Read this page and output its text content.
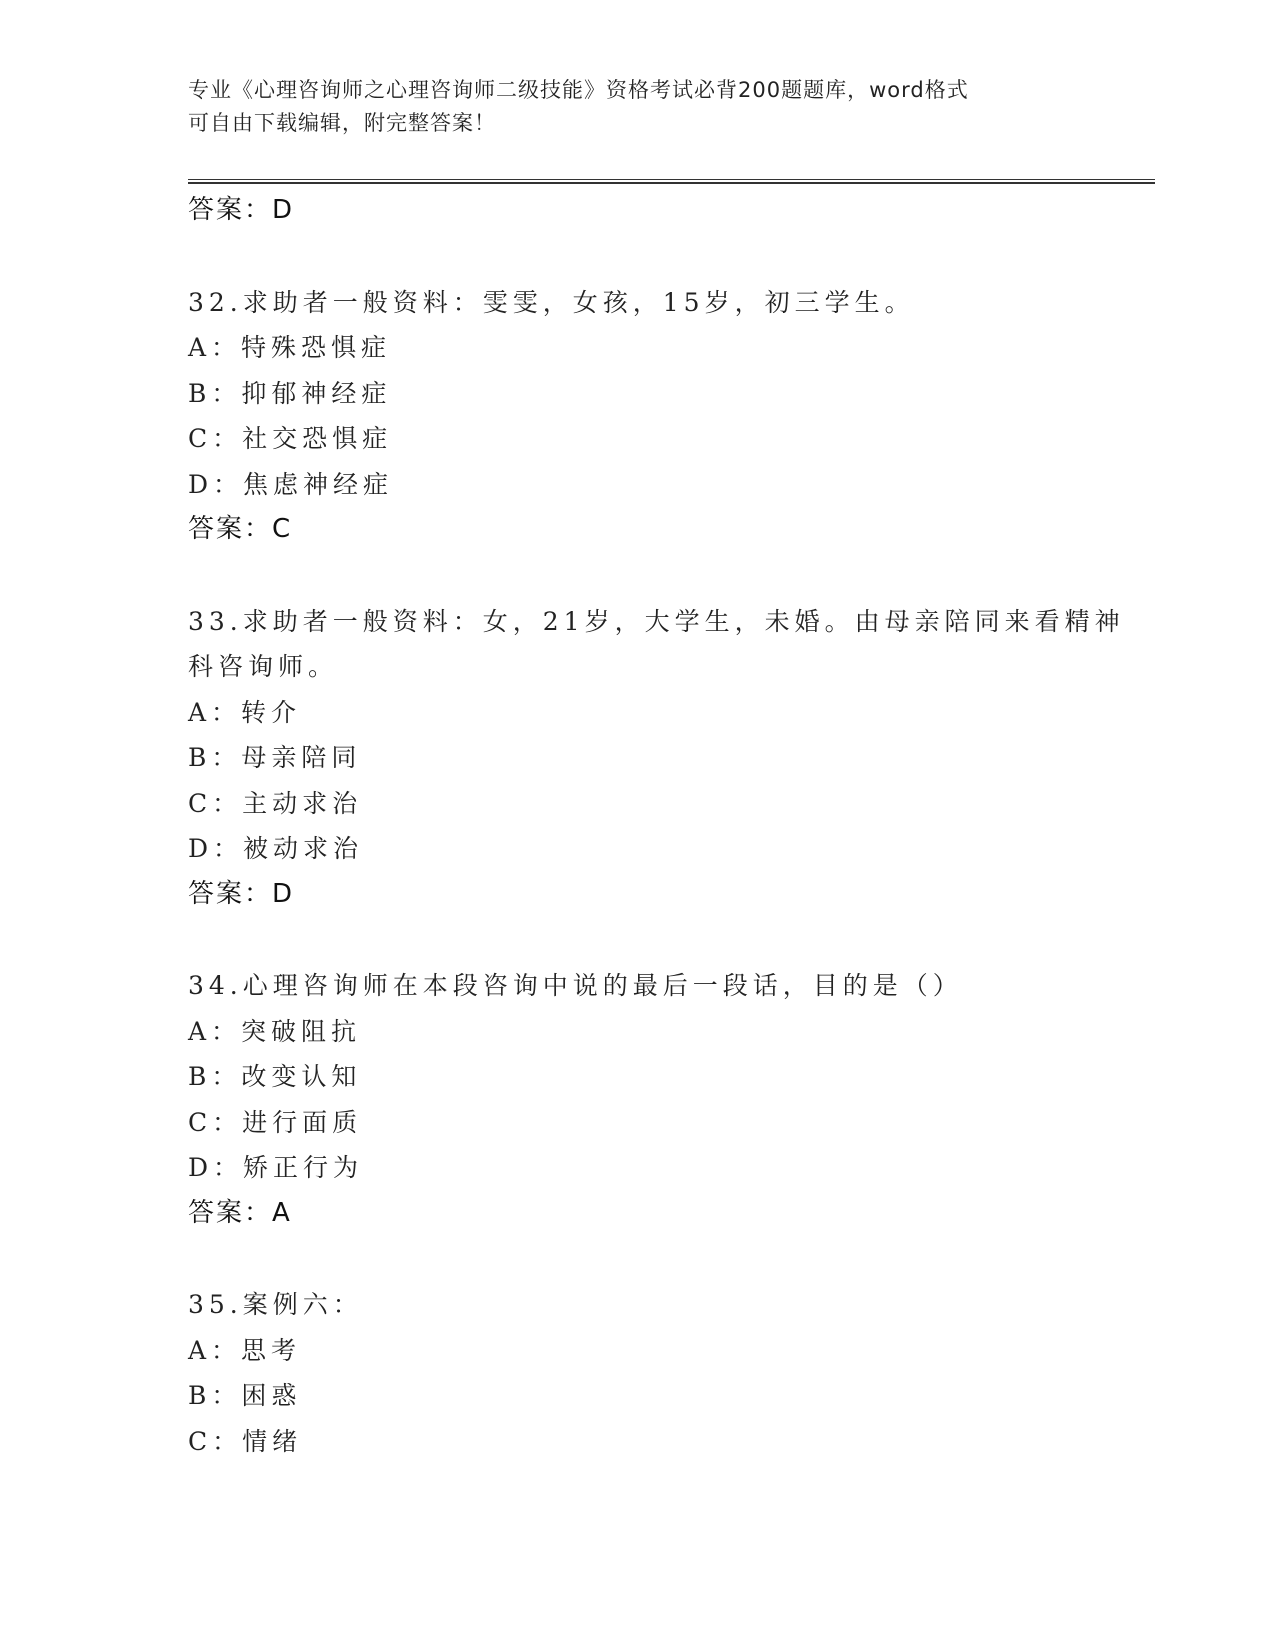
专业《心理咨询师之心理咨询师二级技能》资格考试必背200题题库，word格式
可自由下载编辑，附完整答案！
答案：D
32.求助者一般资料：雯雯，女孩，15岁，初三学生。
A：特殊恐惧症
B：抑郁神经症
C：社交恐惧症
D：焦虑神经症
答案：C
33.求助者一般资料：女，21岁，大学生，未婚。由母亲陪同来看精神
科咨询师。
A：转介
B：母亲陪同
C：主动求治
D：被动求治
答案：D
34.心理咨询师在本段咨询中说的最后一段话，目的是（）
A：突破阻抗
B：改变认知
C：进行面质
D：矫正行为
答案：A
35.案例六：
A：思考
B：困惑
C：情绪
